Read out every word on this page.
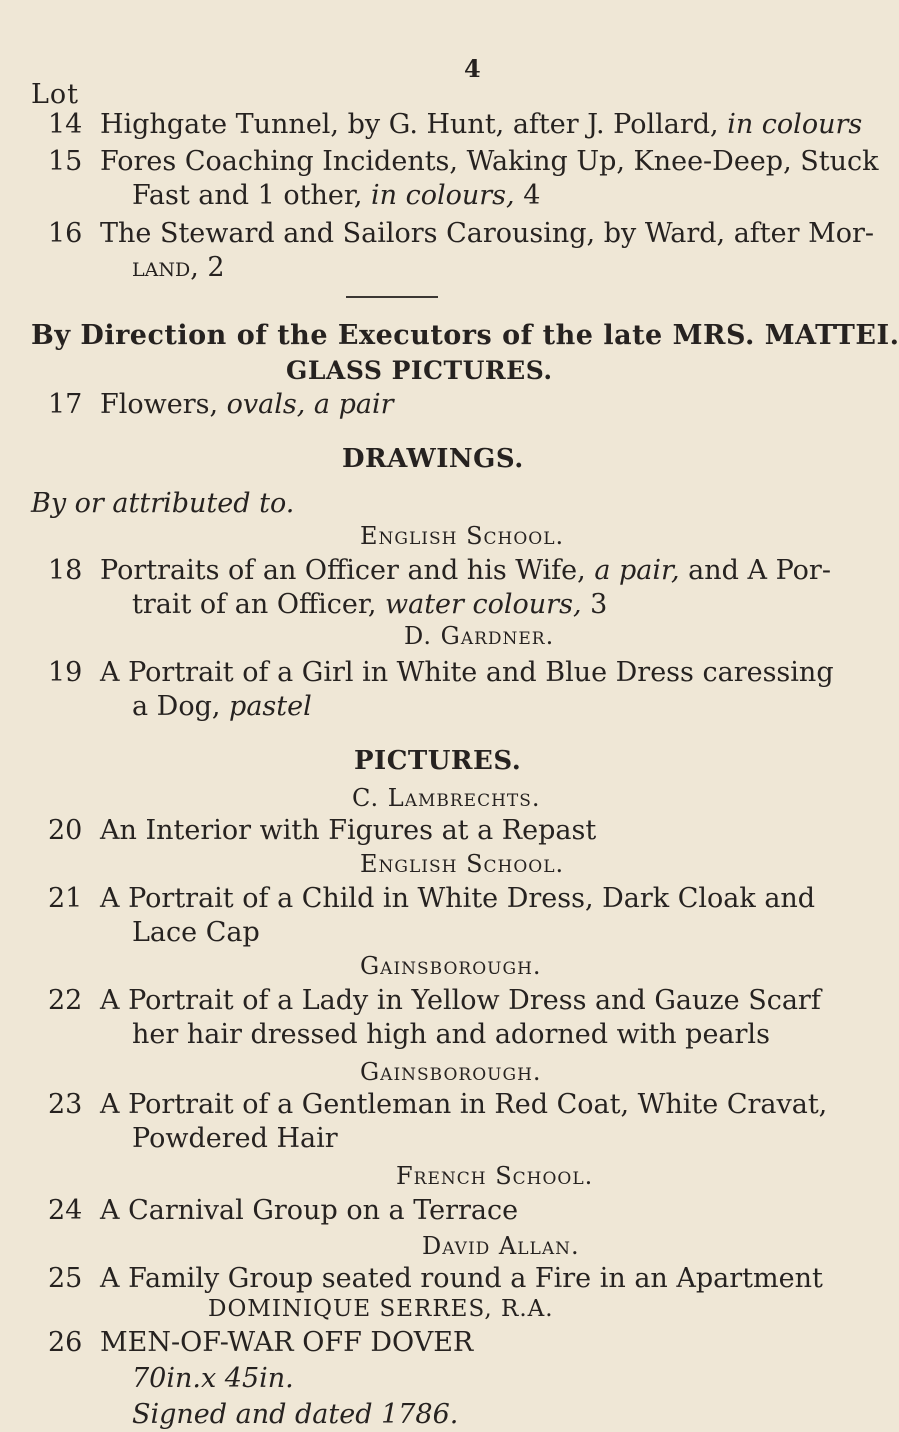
4
Lot
14 Highgate Tunnel, by G. Hunt, after J. Pollard, in colours
15 Fores Coaching Incidents, Waking Up, Knee-Deep, Stuck
Fast and 1 other, in colours, 4
16 The Steward and Sailors Carousing, by Ward, after Mor-
land, 2
By Direction of the Executors of the late MRS. MATTEI.
GLASS PICTURES.
17 Flowers, ovals, a pair
DRAWINGS.
By or attributed to.
English School.
18 Portraits of an Officer and his Wife, a pair, and A Por-
trait of an Officer, water colours, 3
D. Gardner.
19 A Portrait of a Girl in White and Blue Dress caressing
a Dog, pastel
PICTURES.
C. Lambrechts.
20 An Interior with Figures at a Repast
English School.
21 A Portrait of a Child in White Dress, Dark Cloak and
Lace Cap
Gainsborough.
22 A Portrait of a Lady in Yellow Dress and Gauze Scarf
her hair dressed high and adorned with pearls
Gainsborough.
23 A Portrait of a Gentleman in Red Coat, White Cravat,
Powdered Hair
French School.
24 A Carnival Group on a Terrace
David Allan.
25 A Family Group seated round a Fire in an Apartment
DOMINIQUE SERRES, R.A.
26 MEN-OF-WAR OFF DOVER
70in.x 45in.
Signed and dated 1786.
